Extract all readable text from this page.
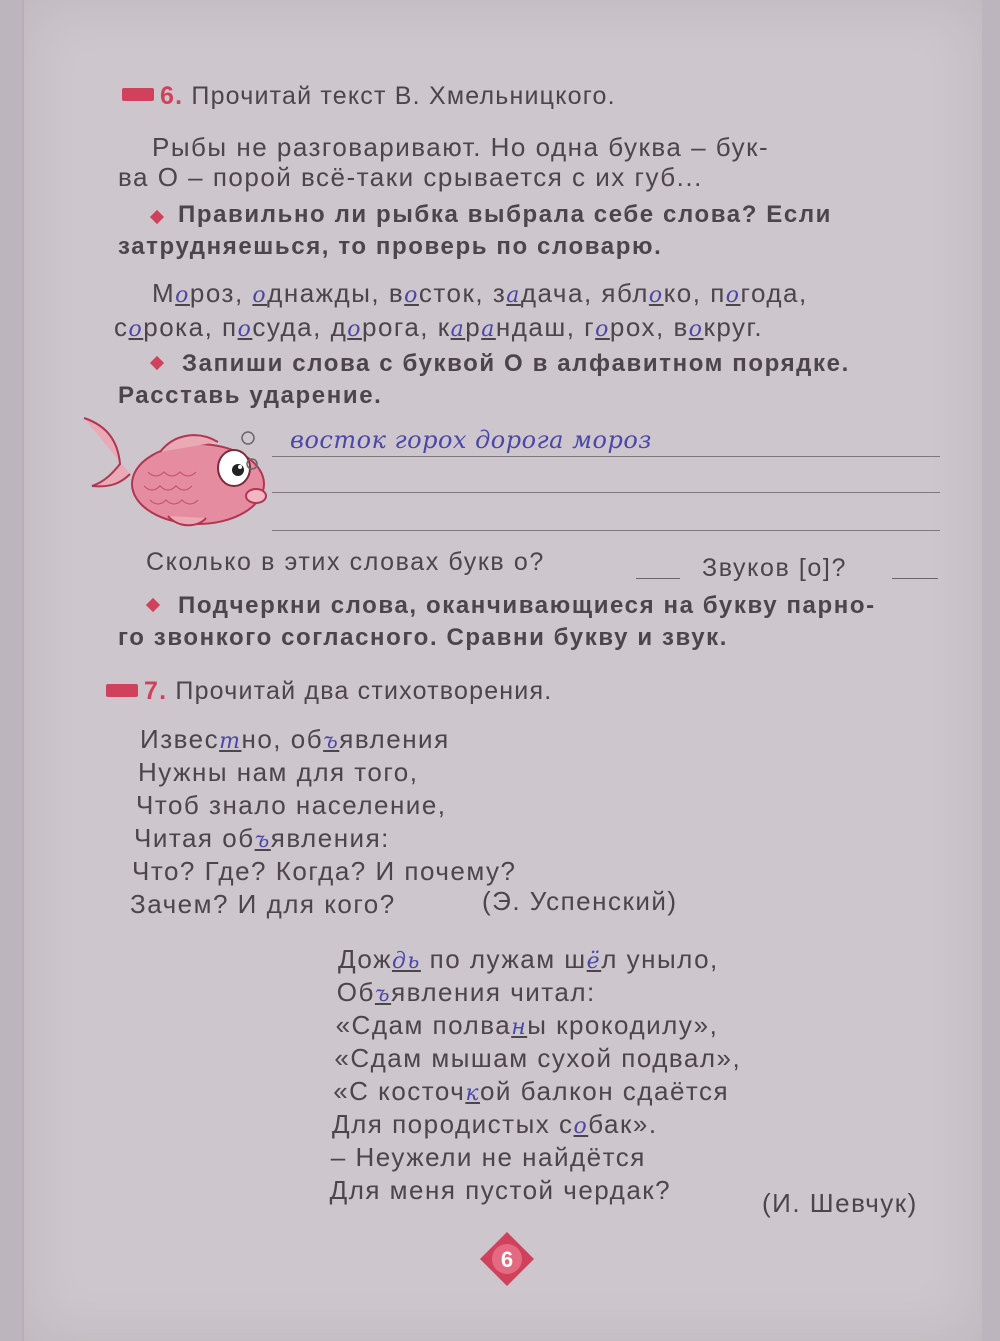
6. Прочитай текст В. Хмельницкого.
Рыбы не разговаривают. Но одна буква – бук-
ва О – порой всё-таки срывается с их губ...
Правильно ли рыбка выбрала себе слова? Если
затрудняешься, то проверь по словарю.
Мороз, однажды, восток, задача, яблоко, погода,
сорока, посуда, дорога, карандаш, горох, вокруг.
Запиши слова с буквой О в алфавитном порядке.
Расставь ударение.
восток горох дорога мороз
Сколько в этих словах букв о?	Звуков [о]?
Подчеркни слова, оканчивающиеся на букву парно-
го звонкого согласного. Сравни букву и звук.
7. Прочитай два стихотворения.
Известно, объявления
Нужны нам для того,
Чтоб знало население,
Читая объявления:
Что? Где? Когда? И почему?
Зачем? И для кого?	(Э. Успенский)
Дождь по лужам шёл уныло,
Объявления читал:
«Сдам полваны крокодилу»,
«Сдам мышам сухой подвал»,
«С косточкой балкон сдаётся
Для породистых собак».
– Неужели не найдётся
Для меня пустой чердак?	(И. Шевчук)
6
